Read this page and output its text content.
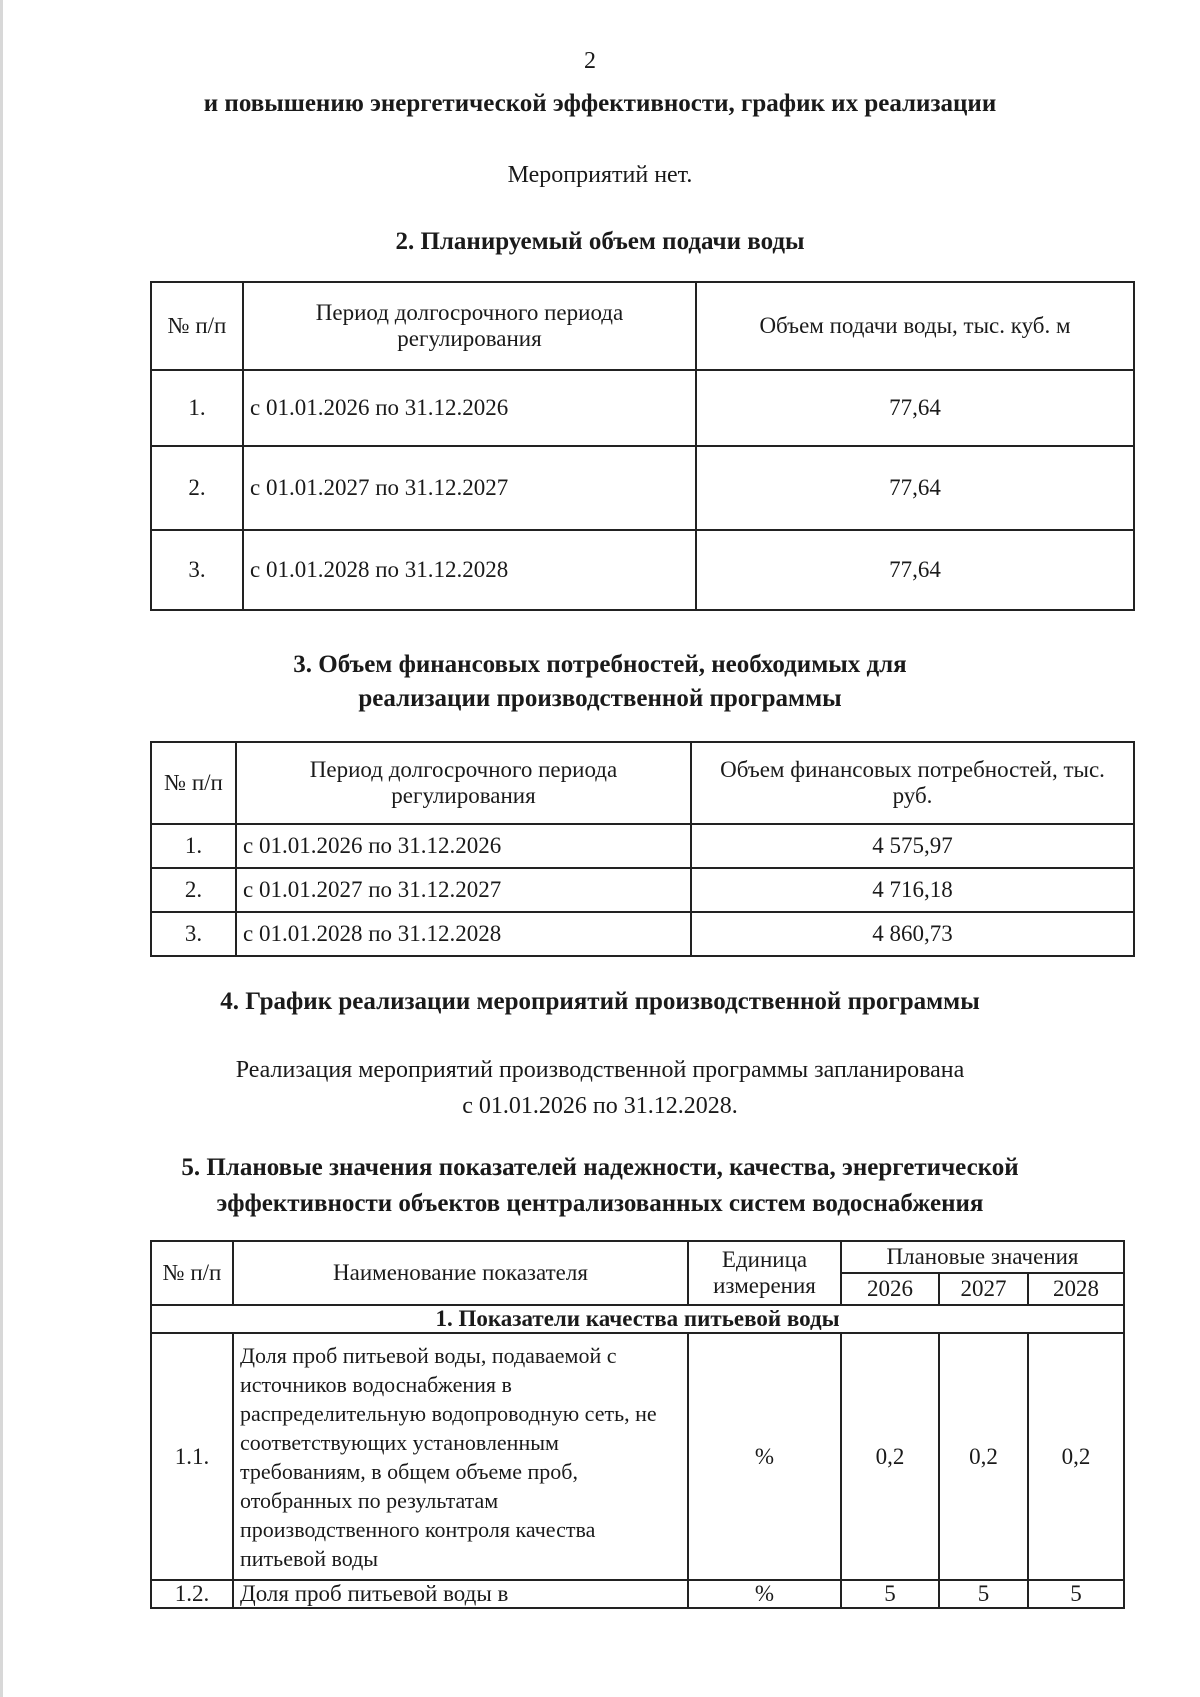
2
и повышению энергетической эффективности, график их реализации
Мероприятий нет.
2. Планируемый объем подачи воды
№ п/п	Период долгосрочного периода регулирования	Объем подачи воды, тыс. куб. м
1.	с 01.01.2026 по 31.12.2026	77,64
2.	с 01.01.2027 по 31.12.2027	77,64
3.	с 01.01.2028 по 31.12.2028	77,64
3. Объем финансовых потребностей, необходимых для
реализации производственной программы
№ п/п	Период долгосрочного периода регулирования	Объем финансовых потребностей, тыс. руб.
1.	с 01.01.2026 по 31.12.2026	4 575,97
2.	с 01.01.2027 по 31.12.2027	4 716,18
3.	с 01.01.2028 по 31.12.2028	4 860,73
4. График реализации мероприятий производственной программы
Реализация мероприятий производственной программы запланирована
с 01.01.2026 по 31.12.2028.
5. Плановые значения показателей надежности, качества, энергетической
эффективности объектов централизованных систем водоснабжения
№ п/п	Наименование показателя	Единица измерения	Плановые значения		
			2026	2027	2028
1. Показатели качества питьевой воды					
1.1.	Доля проб питьевой воды, подаваемой с источников водоснабжения в распределительную водопроводную сеть, не соответствующих установленным требованиям, в общем объеме проб, отобранных по результатам производственного контроля качества питьевой воды	%	0,2	0,2	0,2
1.2.	Доля проб питьевой воды в	%	5	5	5
